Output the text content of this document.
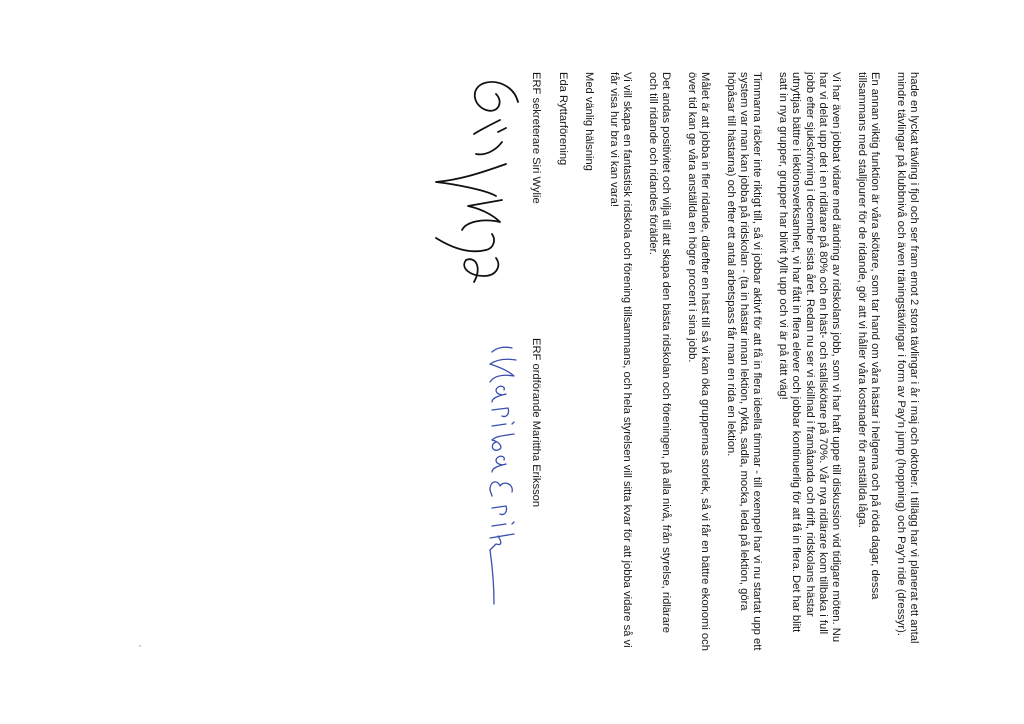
hade en lyckat tävling i fjol och ser fram emot 2 stora tävlingar i år i maj och oktober. I tillägg har vi planerat ett antal mindre tävlingar på klubbnivå och även träningstävlingar i form av Pay'n jump (hoppning) och Pay'n ride (dressyr).

En annan viktig funktion är våra skötare, som tar hand om våra hästar i helgerna och på röda dagar, dessa tillsammans med stalljourer för de ridande, gör att vi håller våra kostnader för anställda låga.

Vi har även jobbat vidare med ändring av ridskolans jobb, som vi har haft uppe till diskussion vid tidigare möten. Nu har vi delat upp det i en ridlärare på 80% och en häst- och stallskötare på 70%. Vår nya ridlärare kom tillbaka i full jobb efter sjukskrivning i december sista året. Redan nu ser vi skillnad i framåtanda och drift, ridskolans hästar utnyttjas bättre i lektionsverksamhet, vi har fått in flera elever och jobbar kontinuerlig för att få in flera. Det har blitt satt in nya grupper, grupper har blivit fyllt upp och vi är på rätt väg!

Timmarna räcker inte riktigt till, så vi jobbar aktivt för att få in flera ideella timmar - till exempel har vi nu startat upp ett system var man kan jobba på ridskolan - (ta in hästar innan lektion, rykta, sadla, mocka, leda på lektion, göra höpåsar till hästarna) och efter ett antal arbetspass får man en rida en lektion.

Målet är att jobba in fler ridande, därefter en häst till så vi kan öka gruppernas storlek, så vi får en bättre ekonomi och över tid kan ge våra anställda en högre procent i sina jobb.

Det andas positivitet och vilja till att skapa den bästa ridskolan och föreningen, på alla nivå, från styrelse, ridlärare och till ridande och ridandes förälder.

Vi vill skapa en fantastisk ridskola och förening tillsammans, och hela styrelsen vill sitta kvar för att jobba vidare så vi får visa hur bra vi kan vara!

Med vänlig hälsning

Eda Ryttarförening

ERF sekreterare Siri Wylie
ERF ordförande Marittha Eriksson
